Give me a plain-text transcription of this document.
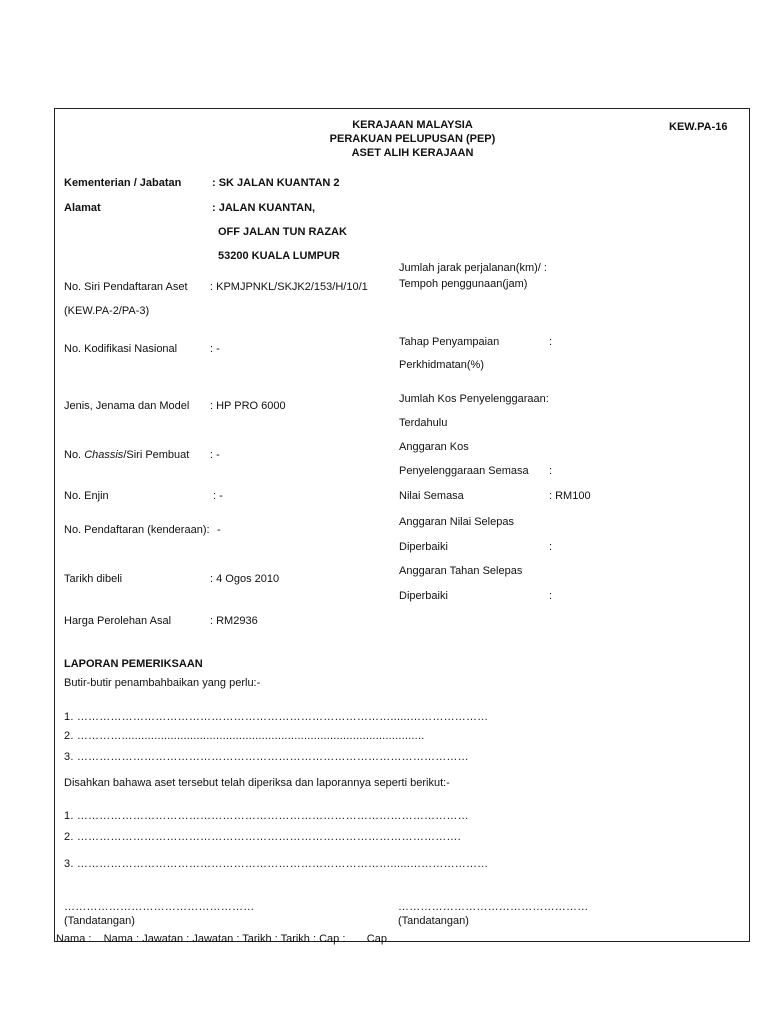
KERAJAAN MALAYSIA
PERAKUAN PELUPUSAN (PEP)
ASET ALIH KERAJAAN
KEW.PA-16
Kementerian / Jabatan	: SK JALAN KUANTAN 2
Alamat	: JALAN KUANTAN,
OFF JALAN TUN RAZAK
53200 KUALA LUMPUR
No. Siri Pendaftaran Aset
(KEW.PA-2/PA-3)
: KPMJPNKL/SKJK2/153/H/10/1
No. Kodifikasi Nasional	: -
Jenis, Jenama dan Model : HP PRO 6000
No. Chassis/Siri Pembuat : -
No. Enjin	: -
No. Pendaftaran (kenderaan): -
Tarikh dibeli	: 4 Ogos 2010
Harga Perolehan Asal	: RM2936
Jumlah jarak perjalanan(km)/ :
Tempoh penggunaan(jam)
Tahap Penyampaian	:
Perkhidmatan(%)
Jumlah Kos Penyelenggaraan:
Terdahulu
Anggaran Kos
Penyelenggaraan Semasa :
Nilai Semasa	: RM100
Anggaran Nilai Selepas
Diperbaiki	:
Anggaran Tahan Selepas
Diperbaiki	:
LAPORAN PEMERIKSAAN
Butir-butir penambahbaikan yang perlu:-
1. …………………………………………………………………………......…………………
2. ………….............................................................................................
3. ……………………………………………………………………………………………
Disahkan bahawa aset tersebut telah diperiksa dan laporannya seperti berikut:-
1. ……………………………………………………………………………………………
2. ………………………………………………………………………………………….
3. …………………………………………………………………………......…………………
……………………………………………
(Tandatangan)
……………………………………………
(Tandatangan)
Nama :    Nama : Jawatan : Jawatan : Tarikh : Tarikh : Cap :       Cap
